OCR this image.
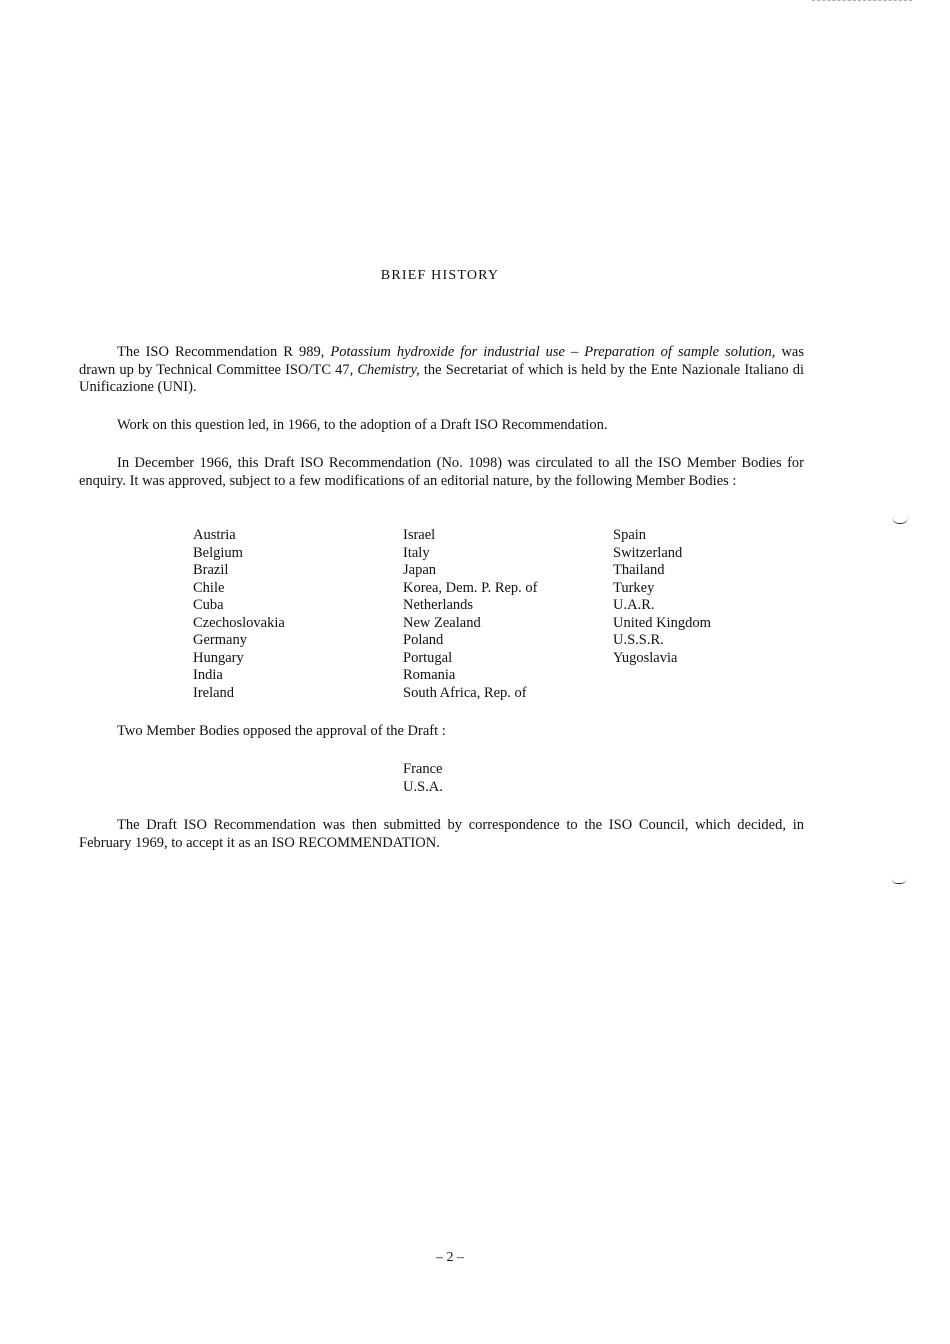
BRIEF HISTORY

The ISO Recommendation R 989, Potassium hydroxide for industrial use – Preparation of sample solution, was drawn up by Technical Committee ISO/TC 47, Chemistry, the Secretariat of which is held by the Ente Nazionale Italiano di Unificazione (UNI).

Work on this question led, in 1966, to the adoption of a Draft ISO Recommendation.

In December 1966, this Draft ISO Recommendation (No. 1098) was circulated to all the ISO Member Bodies for enquiry. It was approved, subject to a few modifications of an editorial nature, by the following Member Bodies :

Austria
Belgium
Brazil
Chile
Cuba
Czechoslovakia
Germany
Hungary
India
Ireland
Israel
Italy
Japan
Korea, Dem. P. Rep. of
Netherlands
New Zealand
Poland
Portugal
Romania
South Africa, Rep. of
Spain
Switzerland
Thailand
Turkey
U.A.R.
United Kingdom
U.S.S.R.
Yugoslavia

Two Member Bodies opposed the approval of the Draft :

France
U.S.A.

The Draft ISO Recommendation was then submitted by correspondence to the ISO Council, which decided, in February 1969, to accept it as an ISO RECOMMENDATION.

– 2 –
